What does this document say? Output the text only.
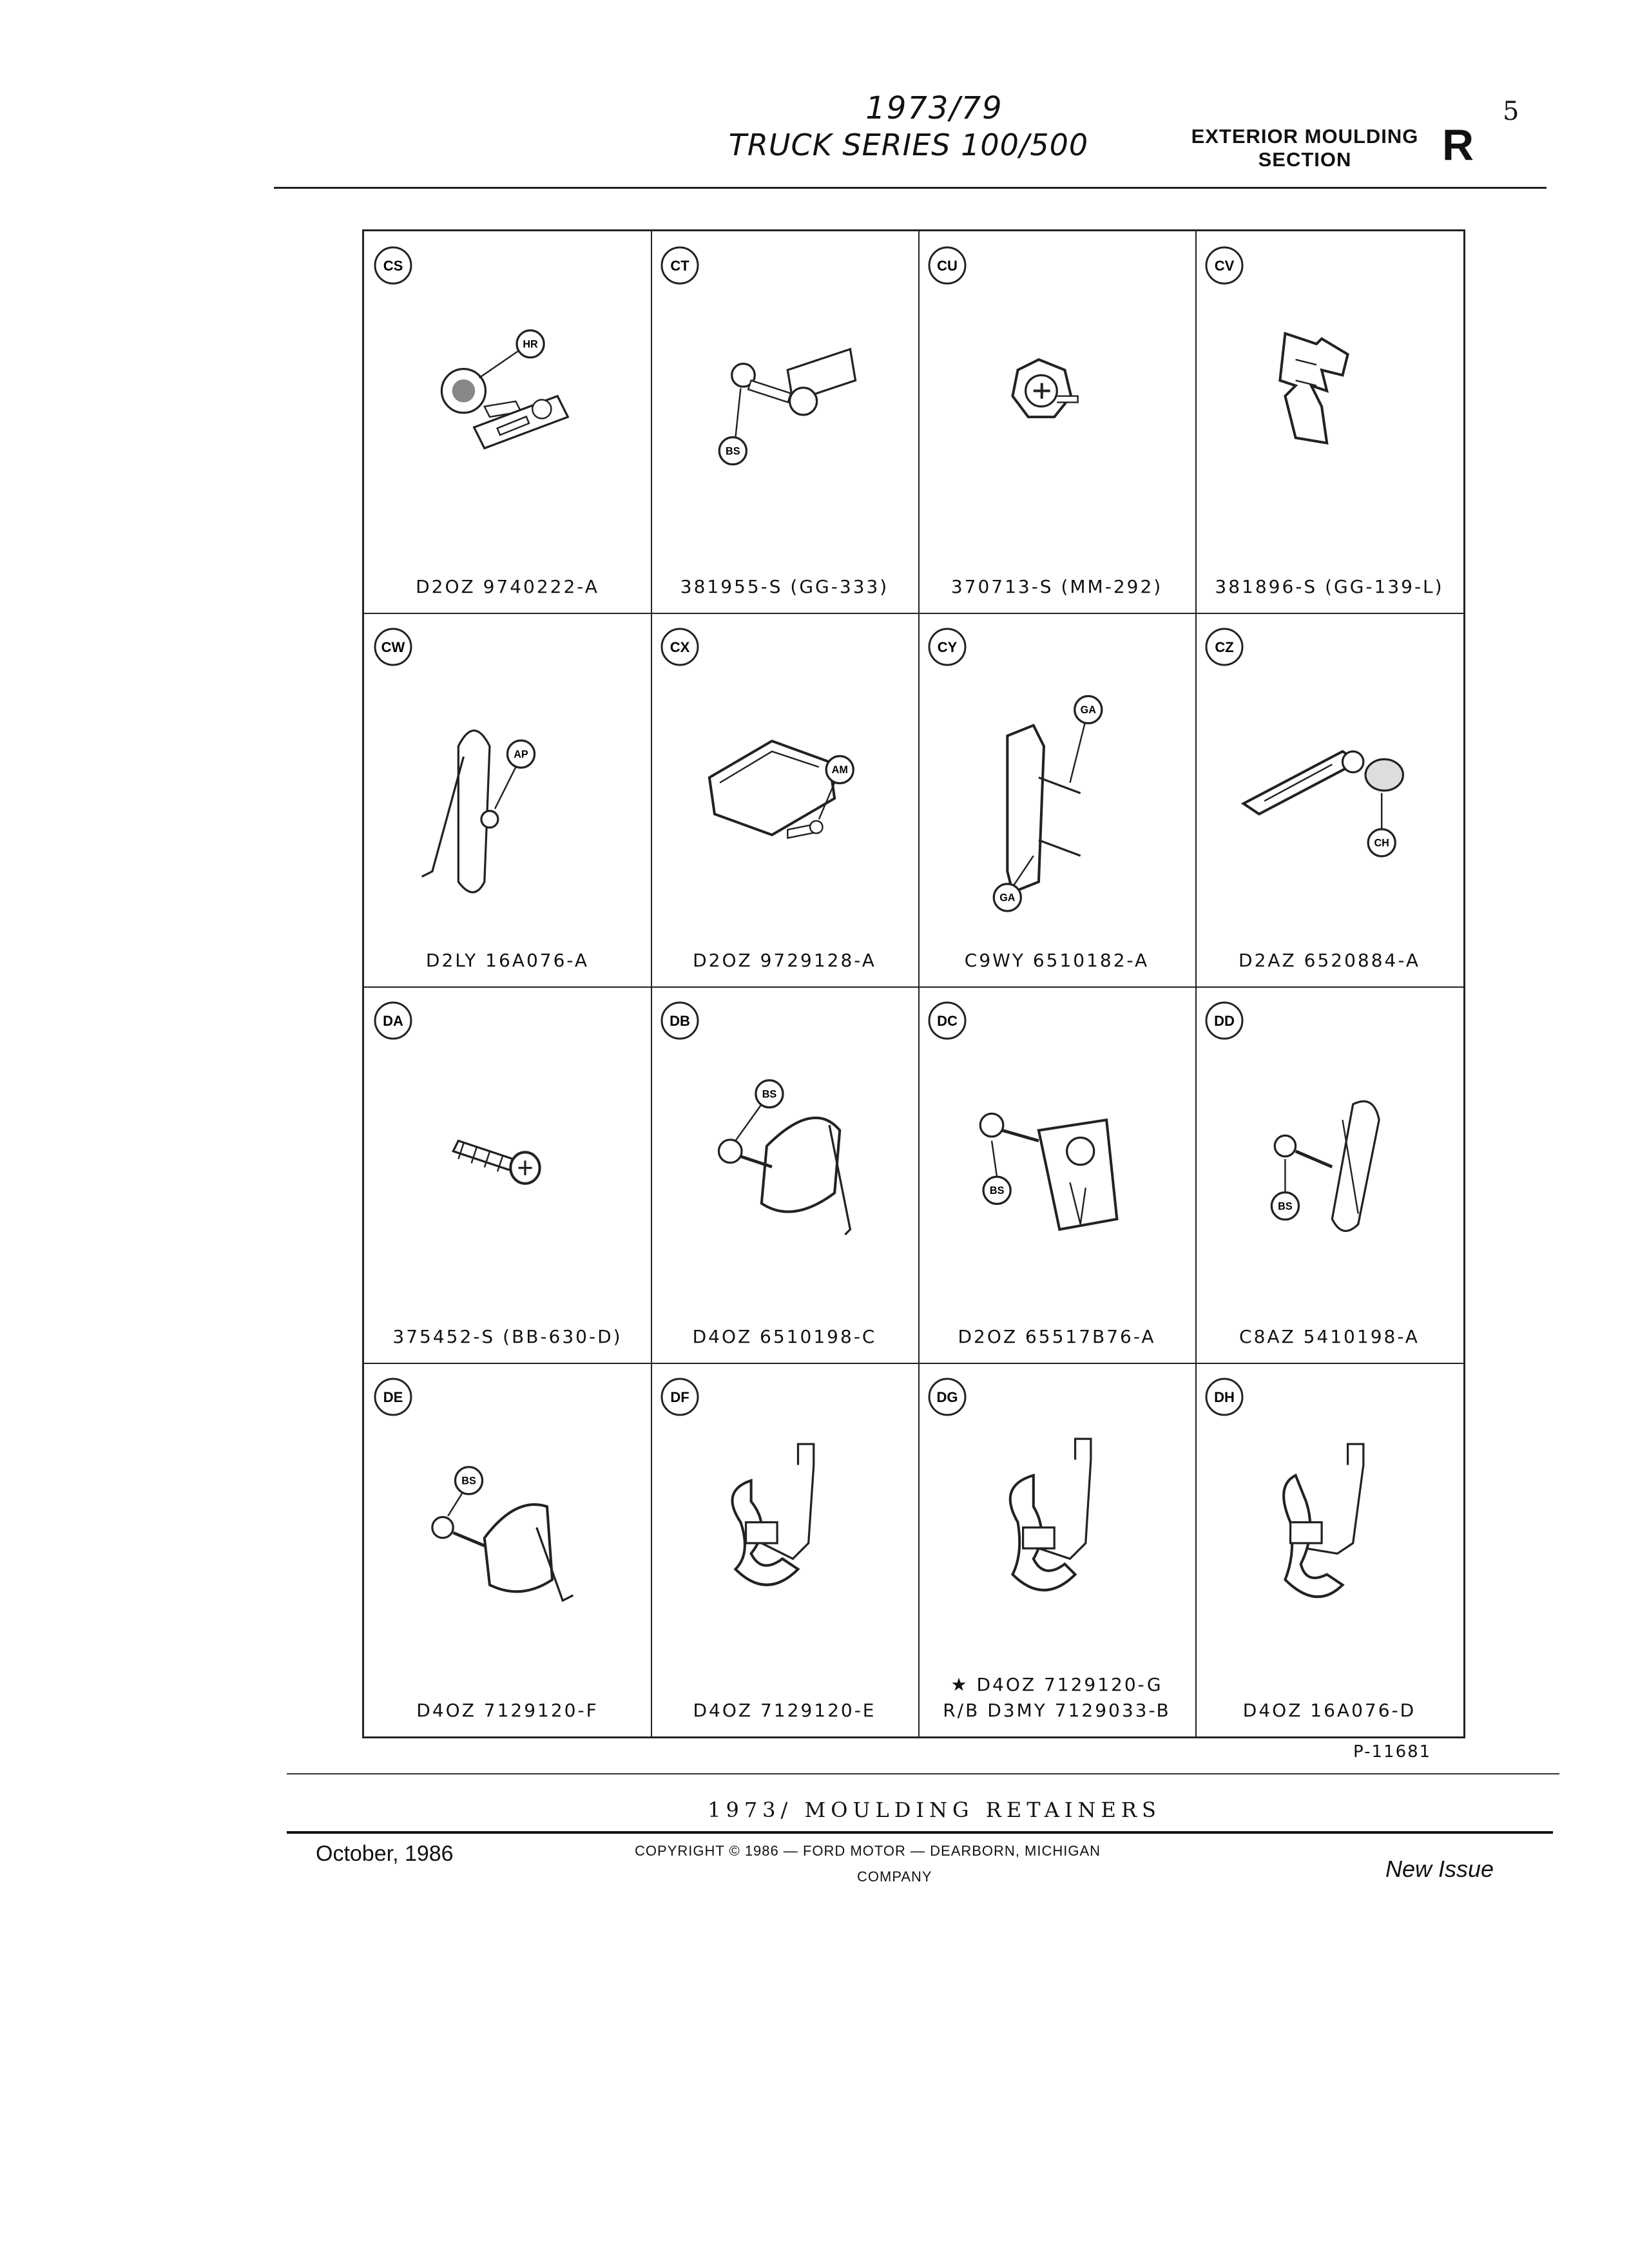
1973/79
TRUCK SERIES 100/500	EXTERIOR MOULDING
SECTION	R
5
CS
HR
D2OZ 9740222-A
CT
BS
381955-S (GG-333)
CU
370713-S (MM-292)
CV
381896-S (GG-139-L)
CW
AP
D2LY 16A076-A
CX
AM
D2OZ 9729128-A
CY
GA
GA
C9WY 6510182-A
CZ
CH
D2AZ 6520884-A
DA
375452-S (BB-630-D)
DB
BS
D4OZ 6510198-C
DC
BS
D2OZ 65517B76-A
DD
BS
C8AZ 5410198-A
DE
BS
D4OZ 7129120-F
DF
D4OZ 7129120-E
DG
★ D4OZ 7129120-G
R/B D3MY 7129033-B
DH
D4OZ 16A076-D
P-11681
1973/ MOULDING RETAINERS
October, 1986	COPYRIGHT © 1986 — FORD MOTOR — DEARBORN, MICHIGAN
COMPANY	New Issue
